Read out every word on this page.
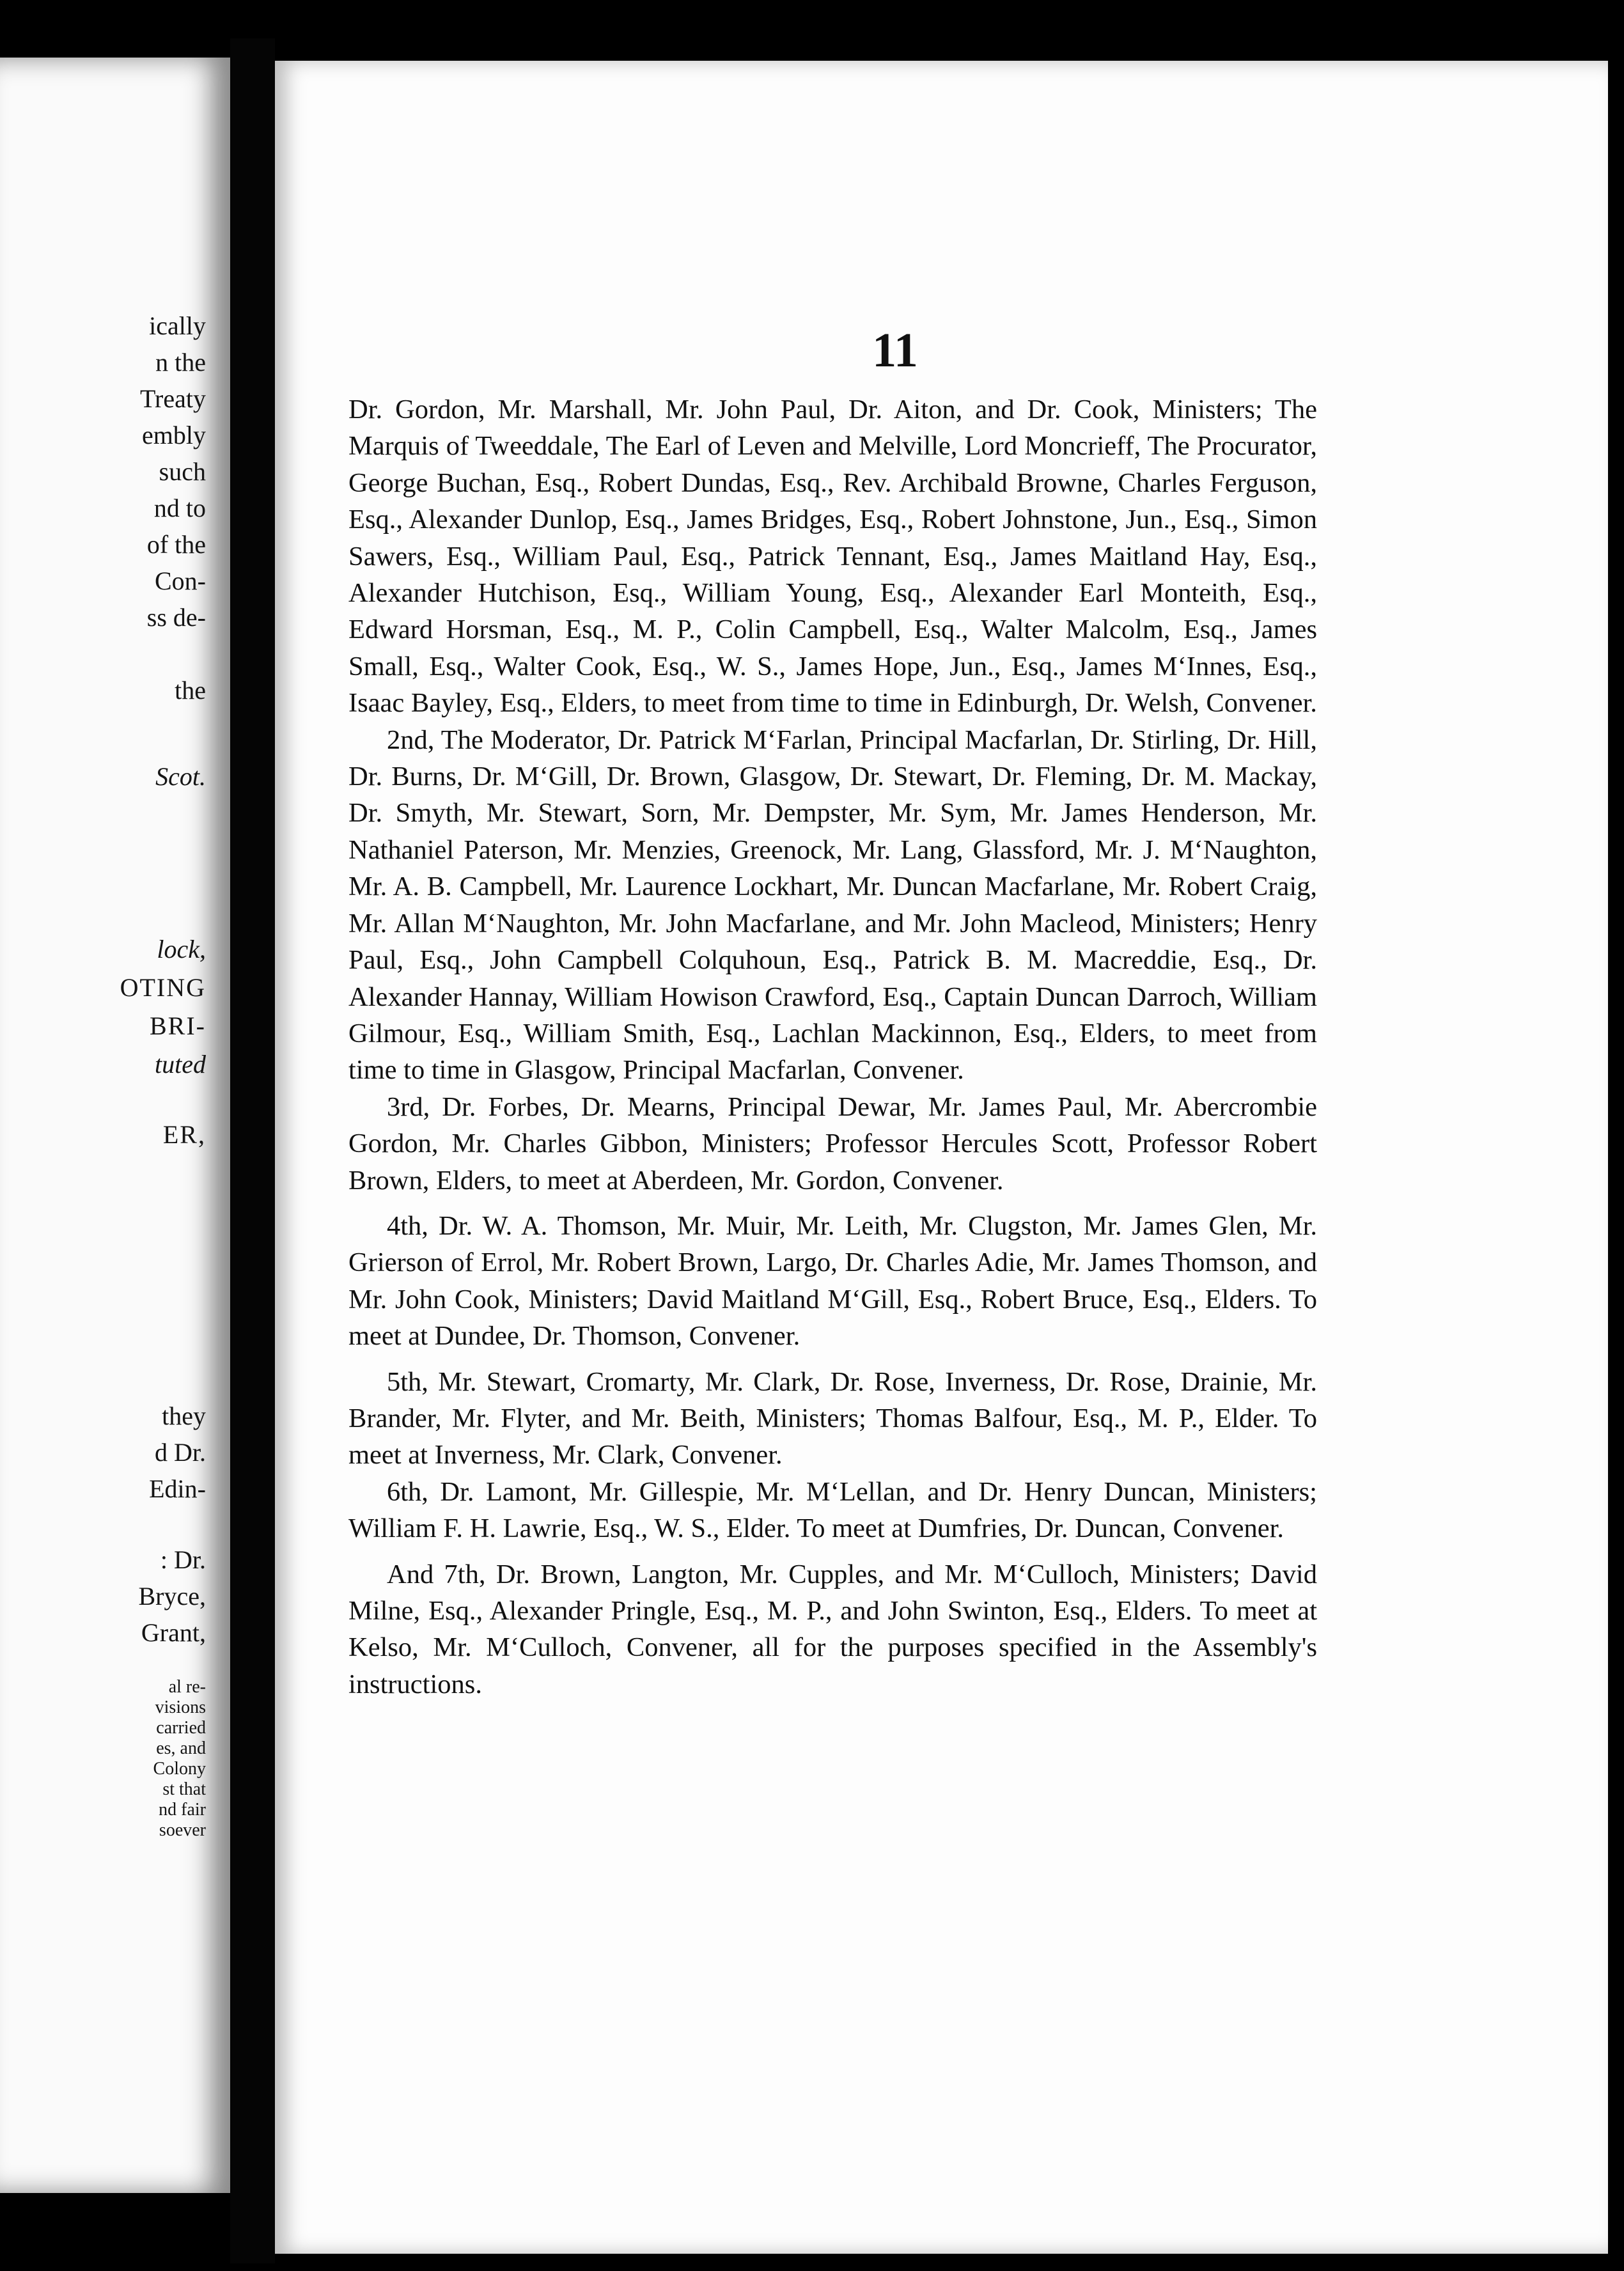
ically
n the
Treaty
embly
such
nd to
of the
Con-
ss de-
the
Scot.
lock,
OTING
BRI-
tuted
ER,
they
d Dr.
Edin-
: Dr.
Bryce,
Grant,
al re-
visions
carried
es, and
Colony
st that
nd fair
soever
11

Dr. Gordon, Mr. Marshall, Mr. John Paul, Dr. Aiton, and Dr. Cook, Ministers; The Marquis of Tweeddale, The Earl of Leven and Melville, Lord Moncrieff, The Procurator, George Buchan, Esq., Robert Dundas, Esq., Rev. Archibald Browne, Charles Ferguson, Esq., Alexander Dunlop, Esq., James Bridges, Esq., Robert Johnstone, Jun., Esq., Simon Sawers, Esq., William Paul, Esq., Patrick Tennant, Esq., James Maitland Hay, Esq., Alexander Hutchison, Esq., William Young, Esq., Alexander Earl Monteith, Esq., Edward Horsman, Esq., M. P., Colin Campbell, Esq., Walter Malcolm, Esq., James Small, Esq., Walter Cook, Esq., W. S., James Hope, Jun., Esq., James M‘Innes, Esq., Isaac Bayley, Esq., Elders, to meet from time to time in Edinburgh, Dr. Welsh, Convener.

2nd, The Moderator, Dr. Patrick M‘Farlan, Principal Macfarlan, Dr. Stirling, Dr. Hill, Dr. Burns, Dr. M‘Gill, Dr. Brown, Glasgow, Dr. Stewart, Dr. Fleming, Dr. M. Mackay, Dr. Smyth, Mr. Stewart, Sorn, Mr. Dempster, Mr. Sym, Mr. James Henderson, Mr. Nathaniel Paterson, Mr. Menzies, Greenock, Mr. Lang, Glassford, Mr. J. M‘Naughton, Mr. A. B. Campbell, Mr. Laurence Lockhart, Mr. Duncan Macfarlane, Mr. Robert Craig, Mr. Allan M‘Naughton, Mr. John Macfarlane, and Mr. John Macleod, Ministers; Henry Paul, Esq., John Campbell Colquhoun, Esq., Patrick B. M. Macreddie, Esq., Dr. Alexander Hannay, William Howison Crawford, Esq., Captain Duncan Darroch, William Gilmour, Esq., William Smith, Esq., Lachlan Mackinnon, Esq., Elders, to meet from time to time in Glasgow, Principal Macfarlan, Convener.

3rd, Dr. Forbes, Dr. Mearns, Principal Dewar, Mr. James Paul, Mr. Abercrombie Gordon, Mr. Charles Gibbon, Ministers; Professor Hercules Scott, Professor Robert Brown, Elders, to meet at Aberdeen, Mr. Gordon, Convener.

4th, Dr. W. A. Thomson, Mr. Muir, Mr. Leith, Mr. Clugston, Mr. James Glen, Mr. Grierson of Errol, Mr. Robert Brown, Largo, Dr. Charles Adie, Mr. James Thomson, and Mr. John Cook, Ministers; David Maitland M‘Gill, Esq., Robert Bruce, Esq., Elders. To meet at Dundee, Dr. Thomson, Convener.

5th, Mr. Stewart, Cromarty, Mr. Clark, Dr. Rose, Inverness, Dr. Rose, Drainie, Mr. Brander, Mr. Flyter, and Mr. Beith, Ministers; Thomas Balfour, Esq., M. P., Elder. To meet at Inverness, Mr. Clark, Convener.

6th, Dr. Lamont, Mr. Gillespie, Mr. M‘Lellan, and Dr. Henry Duncan, Ministers; William F. H. Lawrie, Esq., W. S., Elder. To meet at Dumfries, Dr. Duncan, Convener.

And 7th, Dr. Brown, Langton, Mr. Cupples, and Mr. M‘Culloch, Ministers; David Milne, Esq., Alexander Pringle, Esq., M. P., and John Swinton, Esq., Elders. To meet at Kelso, Mr. M‘Culloch, Convener, all for the purposes specified in the Assembly's instructions.
